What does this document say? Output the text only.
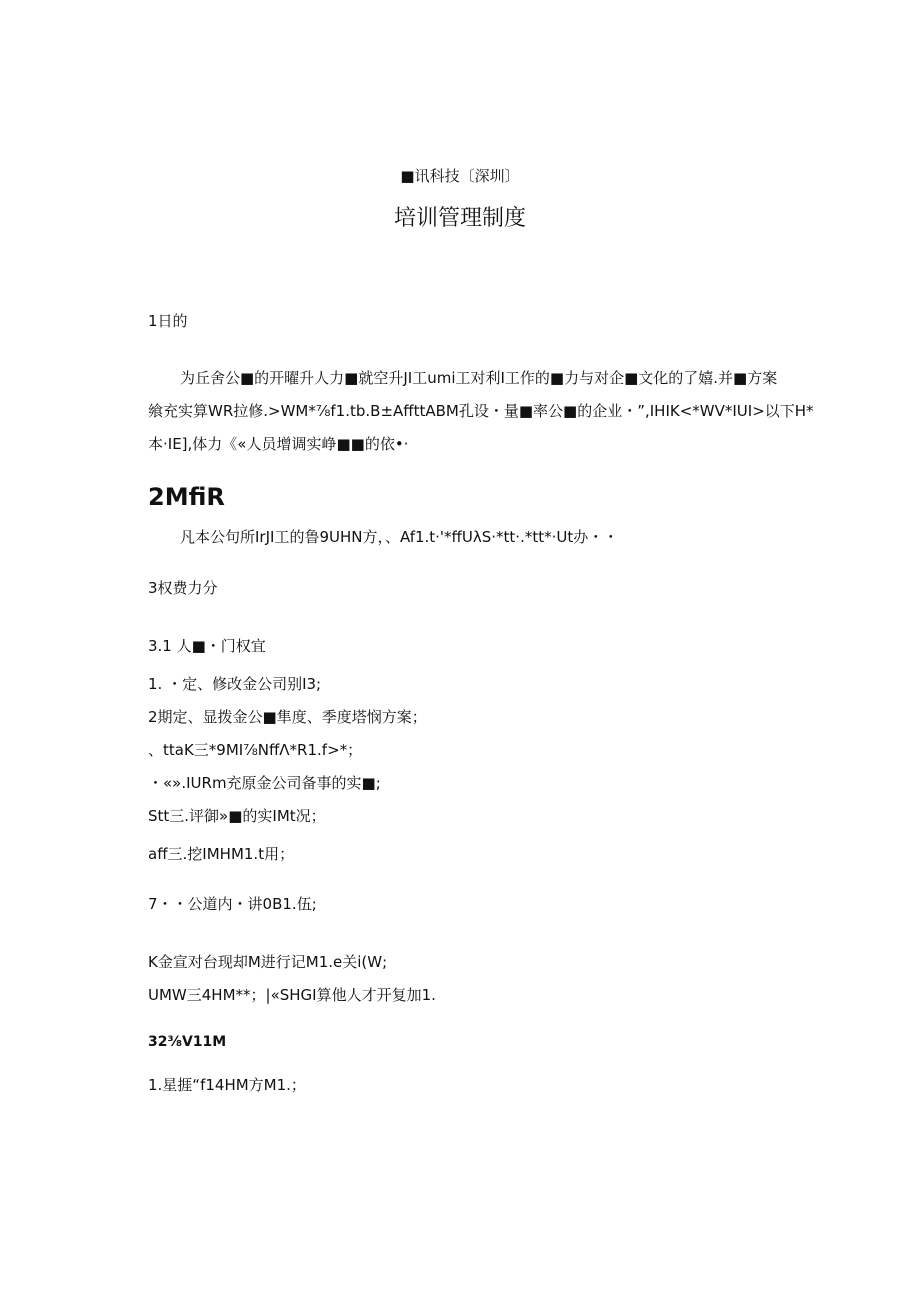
■讯科技〔深圳〕
培训管理制度
1日的
为丘舍公■的开曜升人力■就空升JI工umi工对利I工作的■力与对企■文化的了嬉.并■方案
飨充实算WR拉修.>WM*⅞f1.tb.B±AffttABM孔设・量■率公■的企业・”,IHIK<*WV*IUI>以下H*
本·IE],体力《«人员增调实峥■■的依•·
2MfiR
凡本公句所IrJI工的鲁9UHN方，、Af1.t·'*ffUλS·*tt·.*tt*·Ut办・・
3权费力分
3.1 人■・门权宜
1. ・定、修改金公司别I3;
2期定、显拨金公■隼度、季度塔悯方案；
、ttaK三*9MI⅞NffΛ*R1.f>*；
・«».IURm充原金公司备事的实■;
Stt三.评御»■的实IMt况；
aff三.挖IMHM1.t用；
7・・公道内・讲0B1.伍;
K金宣对台现却M进行记M1.e关i(W;
UMW三4HM**；|«SHGI算他人才开复加1.
32⅜V11M
1.星捱“f14HM方M1.；
